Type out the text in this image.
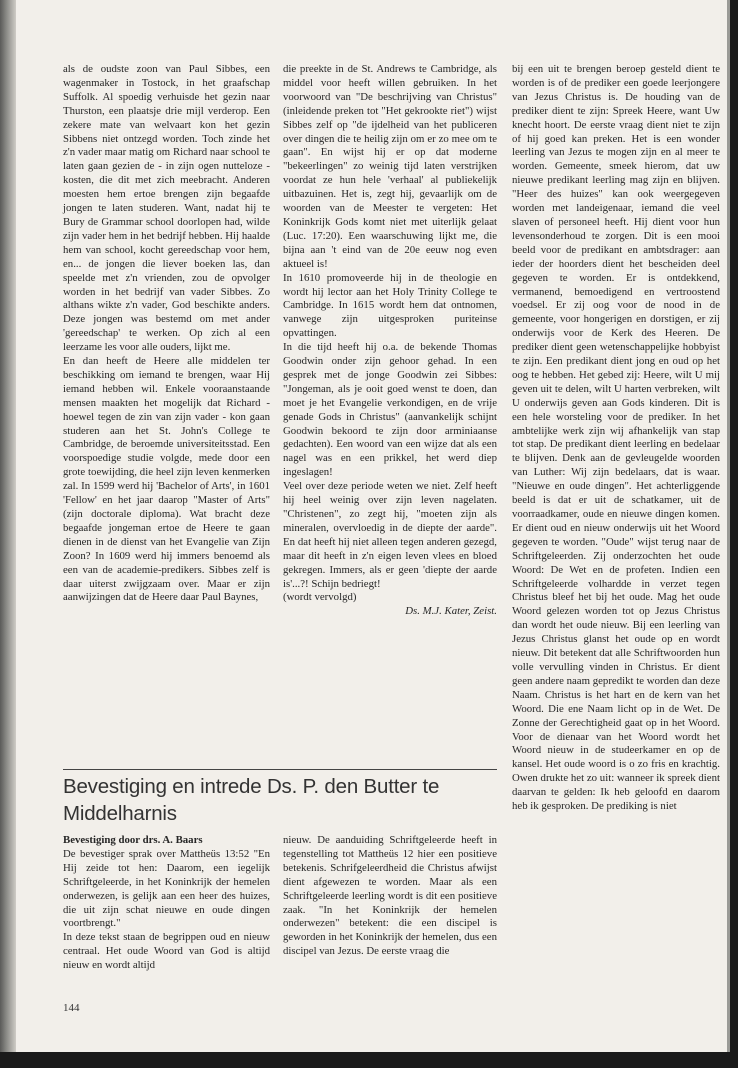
als de oudste zoon van Paul Sibbes, een wagenmaker in Tostock, in het graafschap Suffolk. Al spoedig verhuisde het gezin naar Thurston, een plaatsje drie mijl verderop. Een zekere mate van welvaart kon het gezin Sibbens niet ontzegd worden. Toch zinde het z'n vader maar matig om Richard naar school te laten gaan gezien de - in zijn ogen nutteloze - kosten, die dit met zich meebracht. Anderen moesten hem ertoe brengen zijn begaafde jongen te laten studeren. Want, nadat hij te Bury de Grammar school doorlopen had, wilde zijn vader hem in het bedrijf hebben. Hij haalde hem van school, kocht gereedschap voor hem, en... de jongen die liever boeken las, dan speelde met z'n vrienden, zou de opvolger worden in het bedrijf van vader Sibbes. Zo althans wikte z'n vader, God beschikte anders. Deze jongen was bestemd om met ander 'gereedschap' te werken. Op zich al een leerzame les voor alle ouders, lijkt me.

En dan heeft de Heere alle middelen ter beschikking om iemand te brengen, waar Hij iemand hebben wil. Enkele vooraanstaande mensen maakten het mogelijk dat Richard - hoewel tegen de zin van zijn vader - kon gaan studeren aan het St. John's College te Cambridge, de beroemde universiteitsstad. Een voorspoedige studie volgde, mede door een grote toewijding, die heel zijn leven kenmerken zal. In 1599 werd hij 'Bachelor of Arts', in 1601 'Fellow' en het jaar daarop "Master of Arts" (zijn doctorale diploma). Wat bracht deze begaafde jongeman ertoe de Heere te gaan dienen in de dienst van het Evangelie van Zijn Zoon? In 1609 werd hij immers benoemd als een van de academie-predikers. Sibbes zelf is daar uiterst zwijgzaam over. Maar er zijn aanwijzingen dat de Heere daar Paul Baynes,

die preekte in de St. Andrews te Cambridge, als middel voor heeft willen gebruiken. In het voorwoord van "De beschrijving van Christus" (inleidende preken tot "Het gekrookte riet") wijst Sibbes zelf op "de ijdelheid van het publiceren over dingen die te heilig zijn om er zo mee om te gaan". En wijst hij er op dat moderne "bekeerlingen" zo weinig tijd laten verstrijken voordat ze hun hele 'verhaal' al publiekelijk uitbazuinen. Het is, zegt hij, gevaarlijk om de woorden van de Meester te vergeten: Het Koninkrijk Gods komt niet met uiterlijk gelaat (Luc. 17:20). Een waarschuwing lijkt me, die bijna aan 't eind van de 20e eeuw nog even aktueel is!

In 1610 promoveerde hij in de theologie en wordt hij lector aan het Holy Trinity College te Cambridge. In 1615 wordt hem dat ontnomen, vanwege zijn uitgesproken puriteinse opvattingen.

In die tijd heeft hij o.a. de bekende Thomas Goodwin onder zijn gehoor gehad. In een gesprek met de jonge Goodwin zei Sibbes: "Jongeman, als je ooit goed wenst te doen, dan moet je het Evangelie verkondigen, en de vrije genade Gods in Christus" (aanvankelijk schijnt Goodwin bekoord te zijn door arminiaanse gedachten). Een woord van een wijze dat als een nagel was en een prikkel, het werd diep ingeslagen!

Veel over deze periode weten we niet. Zelf heeft hij heel weinig over zijn leven nagelaten. "Christenen", zo zegt hij, "moeten zijn als mineralen, overvloedig in de diepte der aarde". En dat heeft hij niet alleen tegen anderen gezegd, maar dit heeft in z'n eigen leven vlees en bloed gekregen. Immers, als er geen 'diepte der aarde is'...?! Schijn bedriegt!

(wordt vervolgd)

Ds. M.J. Kater, Zeist.

bij een uit te brengen beroep gesteld dient te worden is of de prediker een goede leerjongere van Jezus Christus is. De houding van de prediker dient te zijn: Spreek Heere, want Uw knecht hoort. De eerste vraag dient niet te zijn of hij goed kan preken. Het is een wonder leerling van Jezus te mogen zijn en al meer te worden. Gemeente, smeek hierom, dat uw nieuwe predikant leerling mag zijn en blijven. "Heer des huizes" kan ook weergegeven worden met landeigenaar, iemand die veel slaven of personeel heeft. Hij dient voor hun levensonderhoud te zorgen. Dit is een mooi beeld voor de predikant en ambtsdrager: aan ieder der hoorders dient het bescheiden deel gegeven te worden. Er is ontdekkend, vermanend, bemoedigend en vertroostend voedsel. Er zij oog voor de nood in de gemeente, voor hongerigen en dorstigen, er zij onderwijs voor de Kerk des Heeren. De prediker dient geen wetenschappelijke hobbyist te zijn. Een predikant dient jong en oud op het oog te hebben. Het gebed zij: Heere, wilt U mij geven uit te delen, wilt U harten verbreken, wilt U onderwijs geven aan Gods kinderen. Dit is een hele worsteling voor de prediker. In het ambtelijke werk zijn wij afhankelijk van stap tot stap. De predikant dient leerling en bedelaar te blijven. Denk aan de gevleugelde woorden van Luther: Wij zijn bedelaars, dat is waar. "Nieuwe en oude dingen". Het achterliggende beeld is dat er uit de schatkamer, uit de voorraadkamer, oude en nieuwe dingen komen. Er dient oud en nieuw onderwijs uit het Woord gegeven te worden. "Oude" wijst terug naar de Schriftgeleerden. Zij onderzochten het oude Woord: De Wet en de profeten. Indien een Schriftgeleerde volhardde in verzet tegen Christus bleef het bij het oude. Mag het oude Woord gelezen worden tot op Jezus Christus dan wordt het oude nieuw. Bij een leerling van Jezus Christus glanst het oude op en wordt nieuw. Dit betekent dat alle Schriftwoorden hun volle vervulling vinden in Christus. Er dient geen andere naam gepredikt te worden dan deze Naam. Christus is het hart en de kern van het Woord. Die ene Naam licht op in de Wet. De Zonne der Gerechtigheid gaat op in het Woord. Voor de dienaar van het Woord wordt het Woord nieuw in de studeerkamer en op de kansel. Het oude woord is o zo fris en krachtig. Owen drukte het zo uit: wanneer ik spreek dient daarvan te gelden: Ik heb geloofd en daarom heb ik gesproken. De prediking is niet

Bevestiging en intrede Ds. P. den Butter te Middelharnis

Bevestiging door drs. A. Baars

De bevestiger sprak over Mattheüs 13:52 "En Hij zeide tot hen: Daarom, een iegelijk Schriftgeleerde, in het Koninkrijk der hemelen onderwezen, is gelijk aan een heer des huizes, die uit zijn schat nieuwe en oude dingen voortbrengt."

In deze tekst staan de begrippen oud en nieuw centraal. Het oude Woord van God is altijd nieuw en wordt altijd

nieuw. De aanduiding Schriftgeleerde heeft in tegenstelling tot Mattheüs 12 hier een positieve betekenis. Schrifgeleerdheid die Christus afwijst dient afgewezen te worden. Maar als een Schriftgeleerde leerling wordt is dit een positieve zaak. "In het Koninkrijk der hemelen onderwezen" betekent: die een discipel is geworden in het Koninkrijk der hemelen, dus een discipel van Jezus. De eerste vraag die

144
